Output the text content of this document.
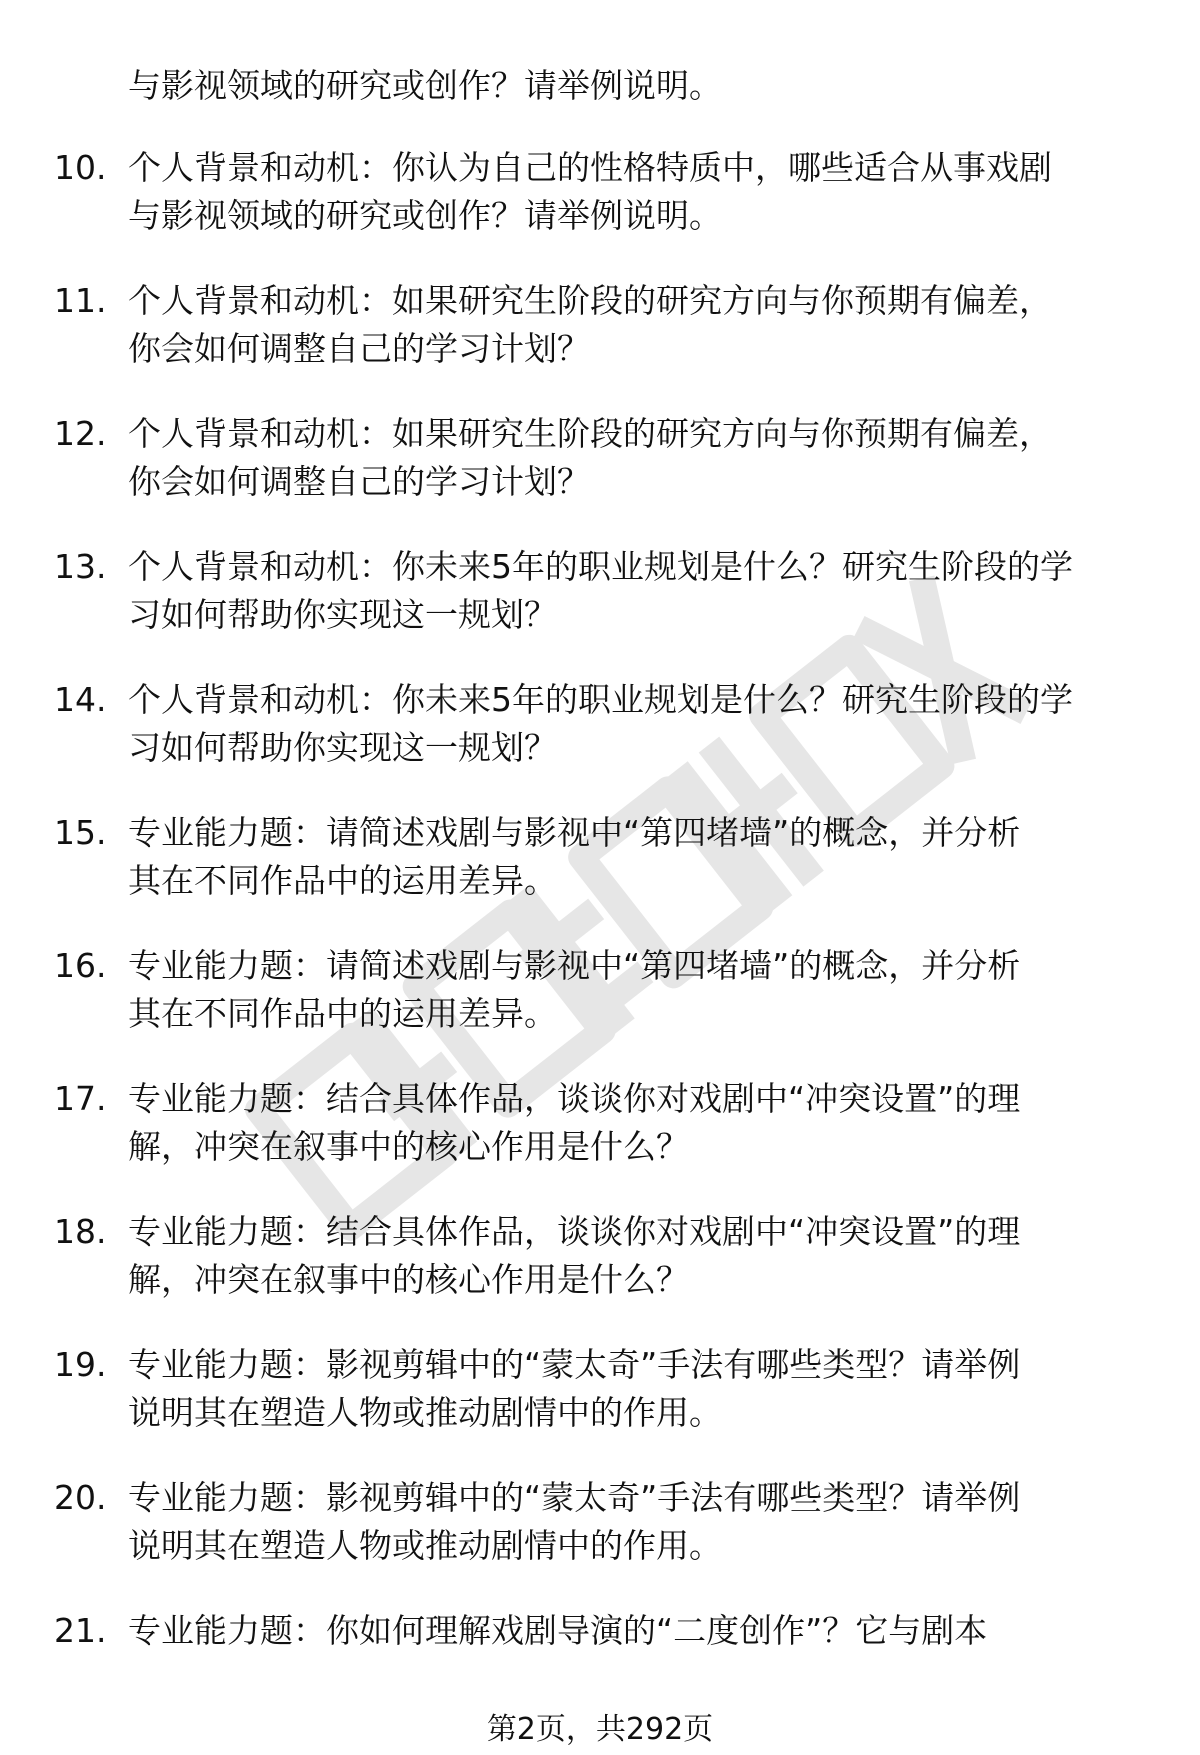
与影视领域的研究或创作？请举例说明。
10. 个人背景和动机：你认为自己的性格特质中，哪些适合从事戏剧
与影视领域的研究或创作？请举例说明。
11. 个人背景和动机：如果研究生阶段的研究方向与你预期有偏差，
你会如何调整自己的学习计划？
12. 个人背景和动机：如果研究生阶段的研究方向与你预期有偏差，
你会如何调整自己的学习计划？
13. 个人背景和动机：你未来5年的职业规划是什么？研究生阶段的学
习如何帮助你实现这一规划？
14. 个人背景和动机：你未来5年的职业规划是什么？研究生阶段的学
习如何帮助你实现这一规划？
15. 专业能力题：请简述戏剧与影视中“第四堵墙”的概念，并分析
其在不同作品中的运用差异。
16. 专业能力题：请简述戏剧与影视中“第四堵墙”的概念，并分析
其在不同作品中的运用差异。
17. 专业能力题：结合具体作品，谈谈你对戏剧中“冲突设置”的理
解，冲突在叙事中的核心作用是什么？
18. 专业能力题：结合具体作品，谈谈你对戏剧中“冲突设置”的理
解，冲突在叙事中的核心作用是什么？
19. 专业能力题：影视剪辑中的“蒙太奇”手法有哪些类型？请举例
说明其在塑造人物或推动剧情中的作用。
20. 专业能力题：影视剪辑中的“蒙太奇”手法有哪些类型？请举例
说明其在塑造人物或推动剧情中的作用。
21. 专业能力题：你如何理解戏剧导演的“二度创作”？它与剧本
第2页，共292页
